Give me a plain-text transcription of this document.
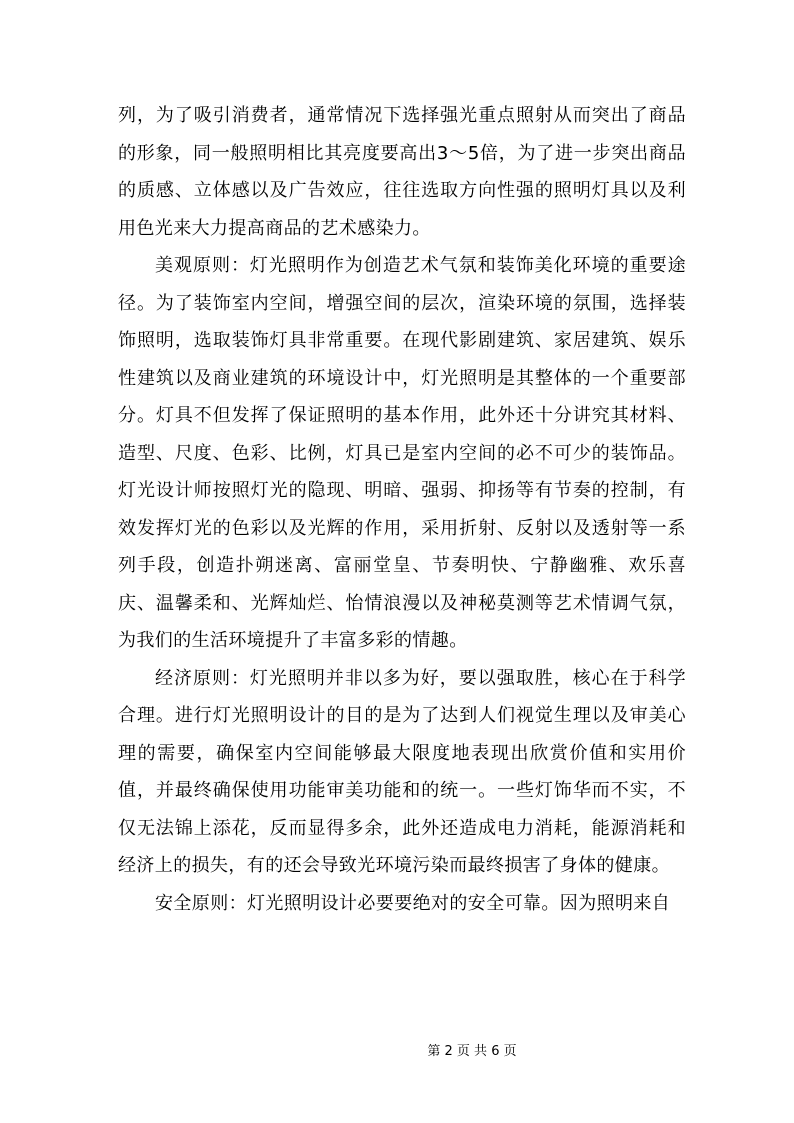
列，为了吸引消费者，通常情况下选择强光重点照射从而突出了商品的形象，同一般照明相比其亮度要高出3～5倍，为了进一步突出商品的质感、立体感以及广告效应，往往选取方向性强的照明灯具以及利用色光来大力提高商品的艺术感染力。

美观原则：灯光照明作为创造艺术气氛和装饰美化环境的重要途径。为了装饰室内空间，增强空间的层次，渲染环境的氛围，选择装饰照明，选取装饰灯具非常重要。在现代影剧建筑、家居建筑、娱乐性建筑以及商业建筑的环境设计中，灯光照明是其整体的一个重要部分。灯具不但发挥了保证照明的基本作用，此外还十分讲究其材料、造型、尺度、色彩、比例，灯具已是室内空间的必不可少的装饰品。灯光设计师按照灯光的隐现、明暗、强弱、抑扬等有节奏的控制，有效发挥灯光的色彩以及光辉的作用，采用折射、反射以及透射等一系列手段，创造扑朔迷离、富丽堂皇、节奏明快、宁静幽雅、欢乐喜庆、温馨柔和、光辉灿烂、怡情浪漫以及神秘莫测等艺术情调气氛，为我们的生活环境提升了丰富多彩的情趣。

经济原则：灯光照明并非以多为好，要以强取胜，核心在于科学合理。进行灯光照明设计的目的是为了达到人们视觉生理以及审美心理的需要，确保室内空间能够最大限度地表现出欣赏价值和实用价值，并最终确保使用功能审美功能和的统一。一些灯饰华而不实，不仅无法锦上添花，反而显得多余，此外还造成电力消耗，能源消耗和经济上的损失，有的还会导致光环境污染而最终损害了身体的健康。

安全原则：灯光照明设计必要要绝对的安全可靠。因为照明来自

第 2 页 共 6 页
